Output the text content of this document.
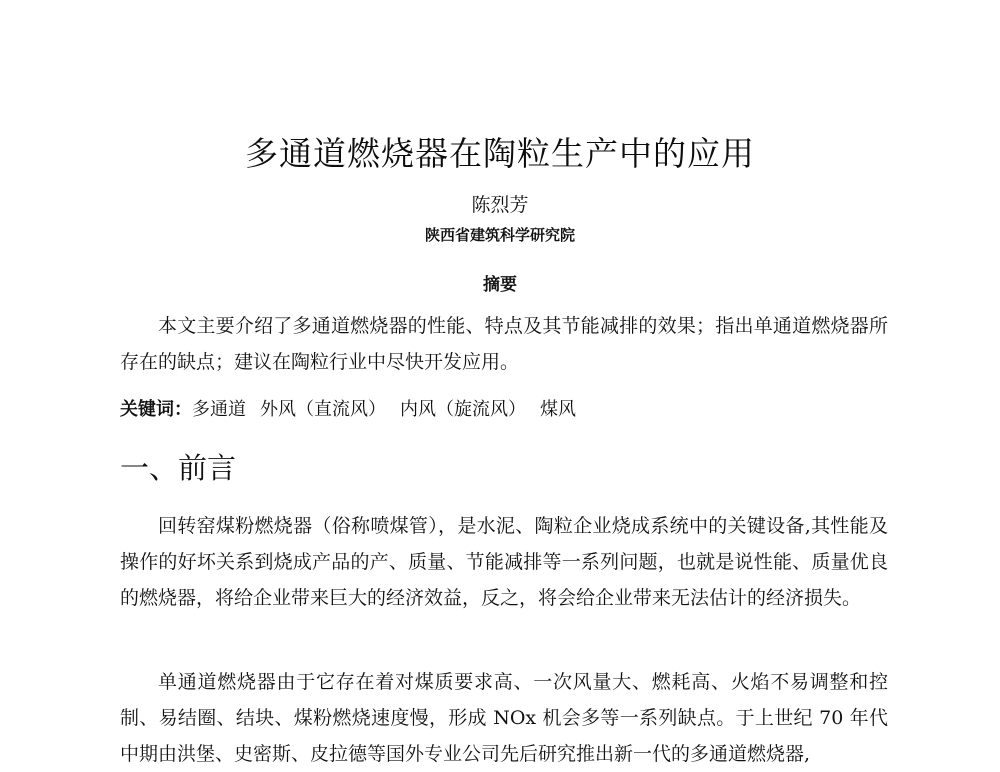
多通道燃烧器在陶粒生产中的应用
陈烈芳
陕西省建筑科学研究院
摘要
本文主要介绍了多通道燃烧器的性能、特点及其节能减排的效果；指出单通道燃烧器所存在的缺点；建议在陶粒行业中尽快开发应用。
关键词：多通道 外风（直流风） 内风（旋流风） 煤风
一、前言
回转窑煤粉燃烧器（俗称喷煤管），是水泥、陶粒企业烧成系统中的关键设备,其性能及操作的好坏关系到烧成产品的产、质量、节能减排等一系列问题，也就是说性能、质量优良的燃烧器，将给企业带来巨大的经济效益，反之，将会给企业带来无法估计的经济损失。
单通道燃烧器由于它存在着对煤质要求高、一次风量大、燃耗高、火焰不易调整和控制、易结圈、结块、煤粉燃烧速度慢，形成 NOx 机会多等一系列缺点。于上世纪 70 年代中期由洪堡、史密斯、皮拉德等国外专业公司先后研究推出新一代的多通道燃烧器,
